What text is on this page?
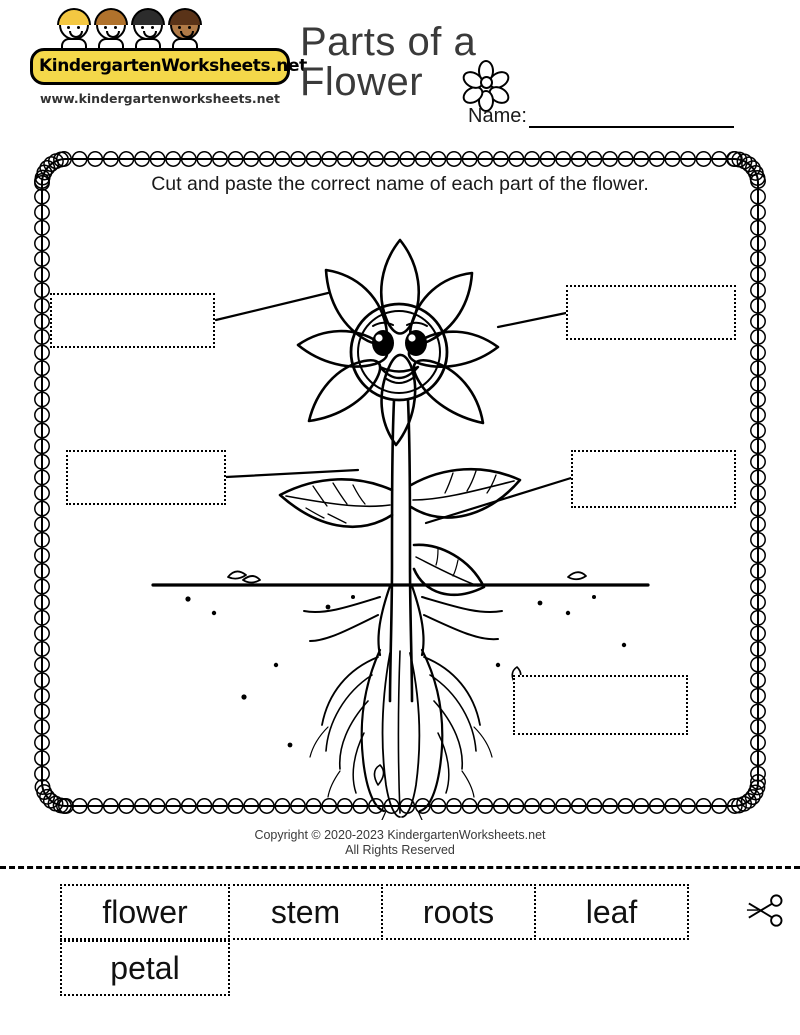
KindergartenWorksheets.net
www.kindergartenworksheets.net
Parts of a
Flower
Name:
Cut and paste the correct name of each part of the flower.
Copyright © 2020-2023 KindergartenWorksheets.net
All Rights Reserved
flower	stem	roots	leaf
petal
